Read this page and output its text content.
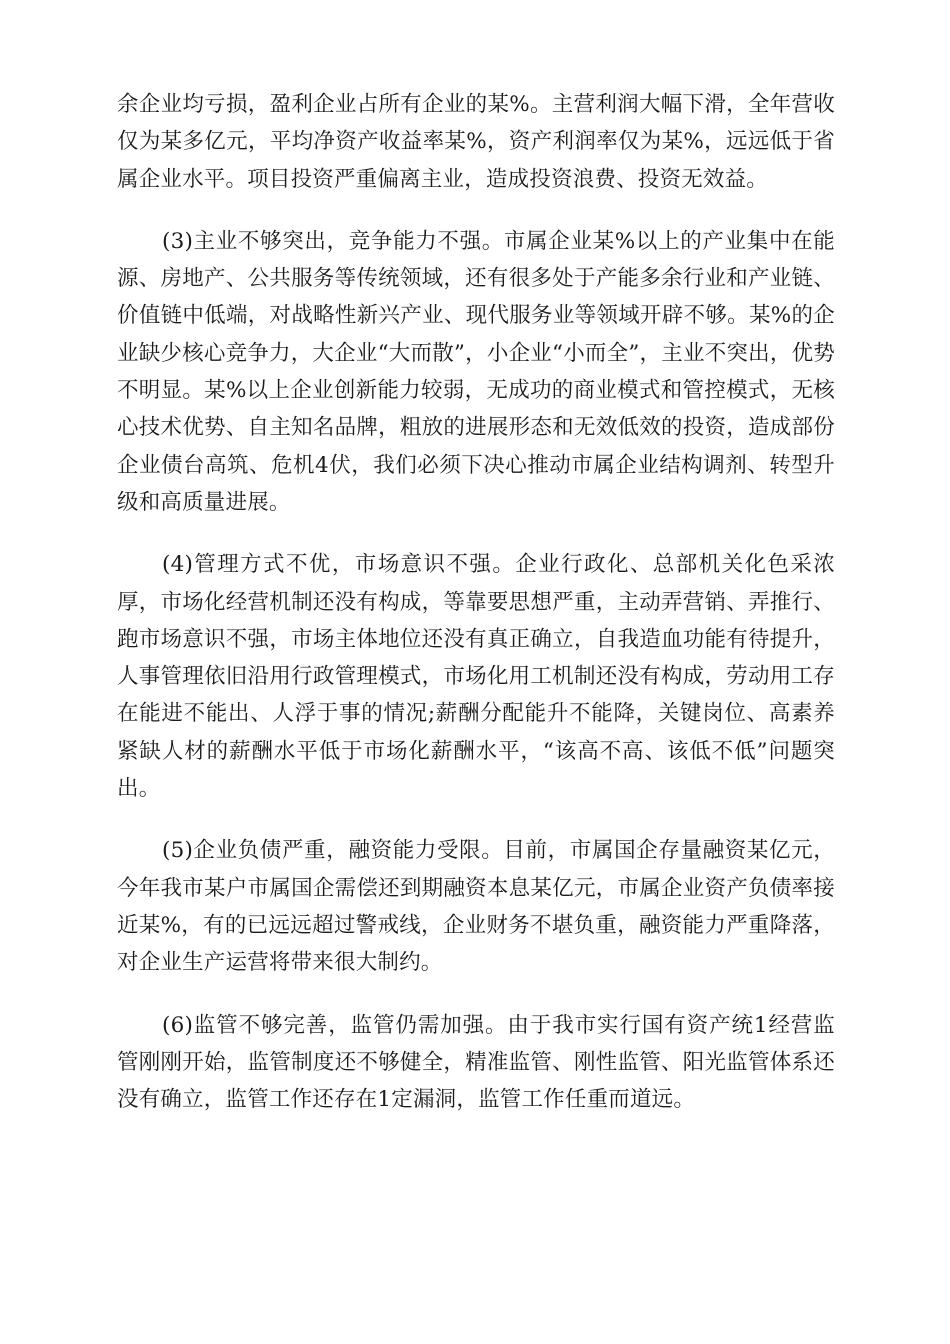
余企业均亏损，盈利企业占所有企业的某%。主营利润大幅下滑，全年营收仅为某多亿元，平均净资产收益率某%，资产利润率仅为某%，远远低于省属企业水平。项目投资严重偏离主业，造成投资浪费、投资无效益。

(3)主业不够突出，竞争能力不强。市属企业某%以上的产业集中在能源、房地产、公共服务等传统领域，还有很多处于产能多余行业和产业链、价值链中低端，对战略性新兴产业、现代服务业等领域开辟不够。某%的企业缺少核心竞争力，大企业“大而散”，小企业“小而全”，主业不突出，优势不明显。某%以上企业创新能力较弱，无成功的商业模式和管控模式，无核心技术优势、自主知名品牌，粗放的进展形态和无效低效的投资，造成部份企业债台高筑、危机4伏，我们必须下决心推动市属企业结构调剂、转型升级和高质量进展。

(4)管理方式不优，市场意识不强。企业行政化、总部机关化色采浓厚，市场化经营机制还没有构成，等靠要思想严重，主动弄营销、弄推行、跑市场意识不强，市场主体地位还没有真正确立，自我造血功能有待提升，人事管理依旧沿用行政管理模式，市场化用工机制还没有构成，劳动用工存在能进不能出、人浮于事的情况;薪酬分配能升不能降，关键岗位、高素养紧缺人材的薪酬水平低于市场化薪酬水平，“该高不高、该低不低”问题突出。

(5)企业负债严重，融资能力受限。目前，市属国企存量融资某亿元，今年我市某户市属国企需偿还到期融资本息某亿元，市属企业资产负债率接近某%，有的已远远超过警戒线，企业财务不堪负重，融资能力严重降落，对企业生产运营将带来很大制约。

(6)监管不够完善，监管仍需加强。由于我市实行国有资产统1经营监管刚刚开始，监管制度还不够健全，精准监管、刚性监管、阳光监管体系还没有确立，监管工作还存在1定漏洞，监管工作任重而道远。
